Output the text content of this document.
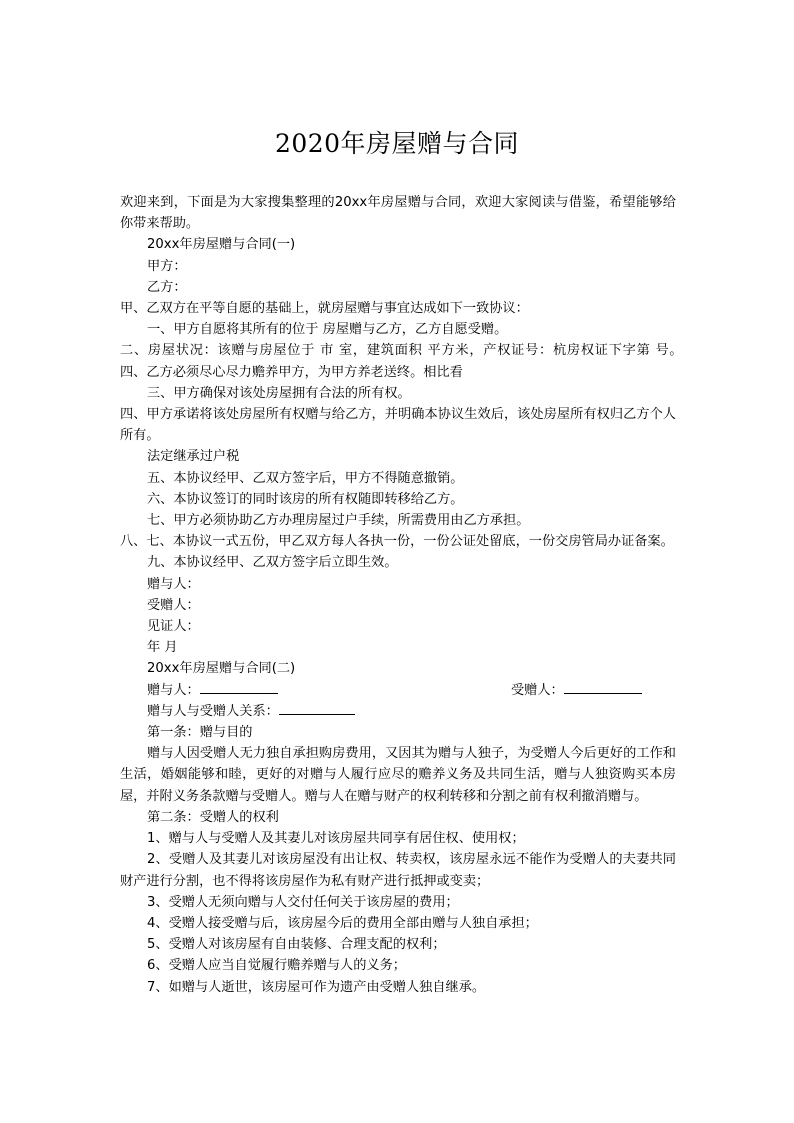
2020年房屋赠与合同

欢迎来到，下面是为大家搜集整理的20xx年房屋赠与合同，欢迎大家阅读与借鉴，希望能够给你带来帮助。

20xx年房屋赠与合同(一)

甲方：

乙方：

甲、乙双方在平等自愿的基础上，就房屋赠与事宜达成如下一致协议：

一、甲方自愿将其所有的位于 房屋赠与乙方，乙方自愿受赠。

二、房屋状况：该赠与房屋位于 市 室，建筑面积 平方米，产权证号：杭房权证下字第 号。　　四、乙方必须尽心尽力赡养甲方，为甲方养老送终。相比看

三、甲方确保对该处房屋拥有合法的所有权。

四、甲方承诺将该处房屋所有权赠与给乙方，并明确本协议生效后，该处房屋所有权归乙方个人所有。

法定继承过户税

五、本协议经甲、乙双方签字后，甲方不得随意撤销。

六、本协议签订的同时该房的所有权随即转移给乙方。

七、甲方必须协助乙方办理房屋过户手续，所需费用由乙方承担。

八、七、本协议一式五份，甲乙双方每人各执一份，一份公证处留底，一份交房管局办证备案。

九、本协议经甲、乙双方签字后立即生效。

赠与人：

受赠人：

见证人：

年 月

20xx年房屋赠与合同(二)

赠与人：	受赠人：

赠与人与受赠人关系：

第一条：赠与目的

赠与人因受赠人无力独自承担购房费用，又因其为赠与人独子，为受赠人今后更好的工作和生活，婚姻能够和睦，更好的对赠与人履行应尽的赡养义务及共同生活，赠与人独资购买本房屋，并附义务条款赠与受赠人。赠与人在赠与财产的权利转移和分割之前有权利撤消赠与。

第二条：受赠人的权利

1、赠与人与受赠人及其妻儿对该房屋共同享有居住权、使用权；

2、受赠人及其妻儿对该房屋没有出让权、转卖权，该房屋永远不能作为受赠人的夫妻共同财产进行分割，也不得将该房屋作为私有财产进行抵押或变卖；

3、受赠人无须向赠与人交付任何关于该房屋的费用；

4、受赠人接受赠与后，该房屋今后的费用全部由赠与人独自承担；

5、受赠人对该房屋有自由装修、合理支配的权利；

6、受赠人应当自觉履行赡养赠与人的义务；

7、如赠与人逝世，该房屋可作为遗产由受赠人独自继承。
